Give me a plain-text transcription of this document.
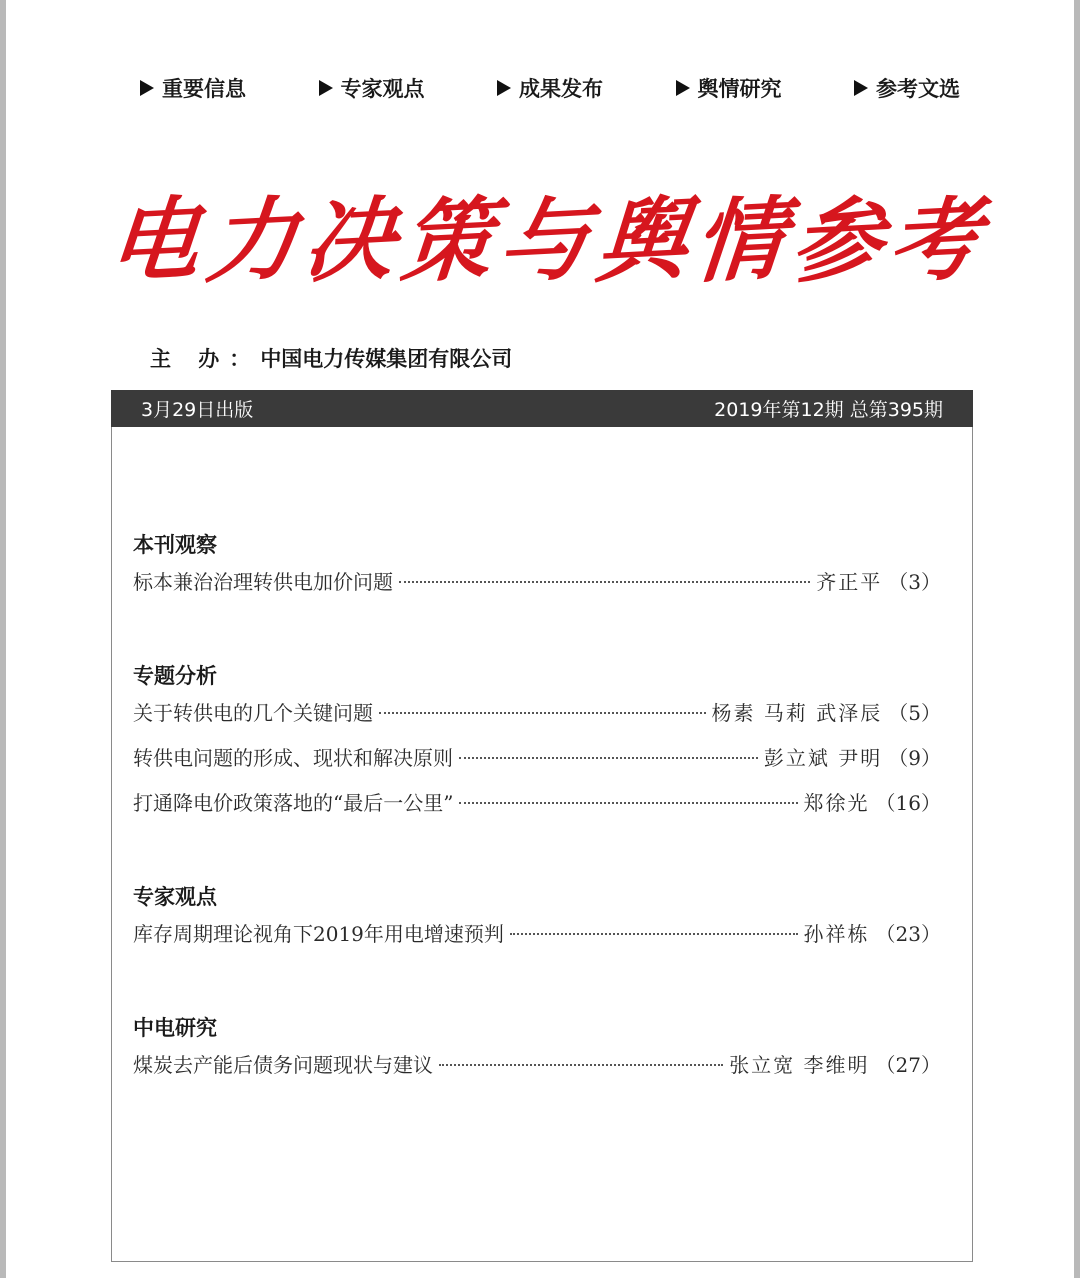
重要信息	专家观点	成果发布	舆情研究	参考文选
电
力
决
策
与
舆
情
参
考
主 办：中国电力传媒集团有限公司
3月29日出版	2019年第12期 总第395期
本刊观察
标本兼治治理转供电加价问题	齐正平 （3）
专题分析
关于转供电的几个关键问题	杨素 马莉 武泽辰 （5）
转供电问题的形成、现状和解决原则	彭立斌 尹明 （9）
打通降电价政策落地的“最后一公里”	郑徐光 （16）
专家观点
库存周期理论视角下2019年用电增速预判	孙祥栋 （23）
中电研究
煤炭去产能后债务问题现状与建议	张立宽 李维明 （27）
